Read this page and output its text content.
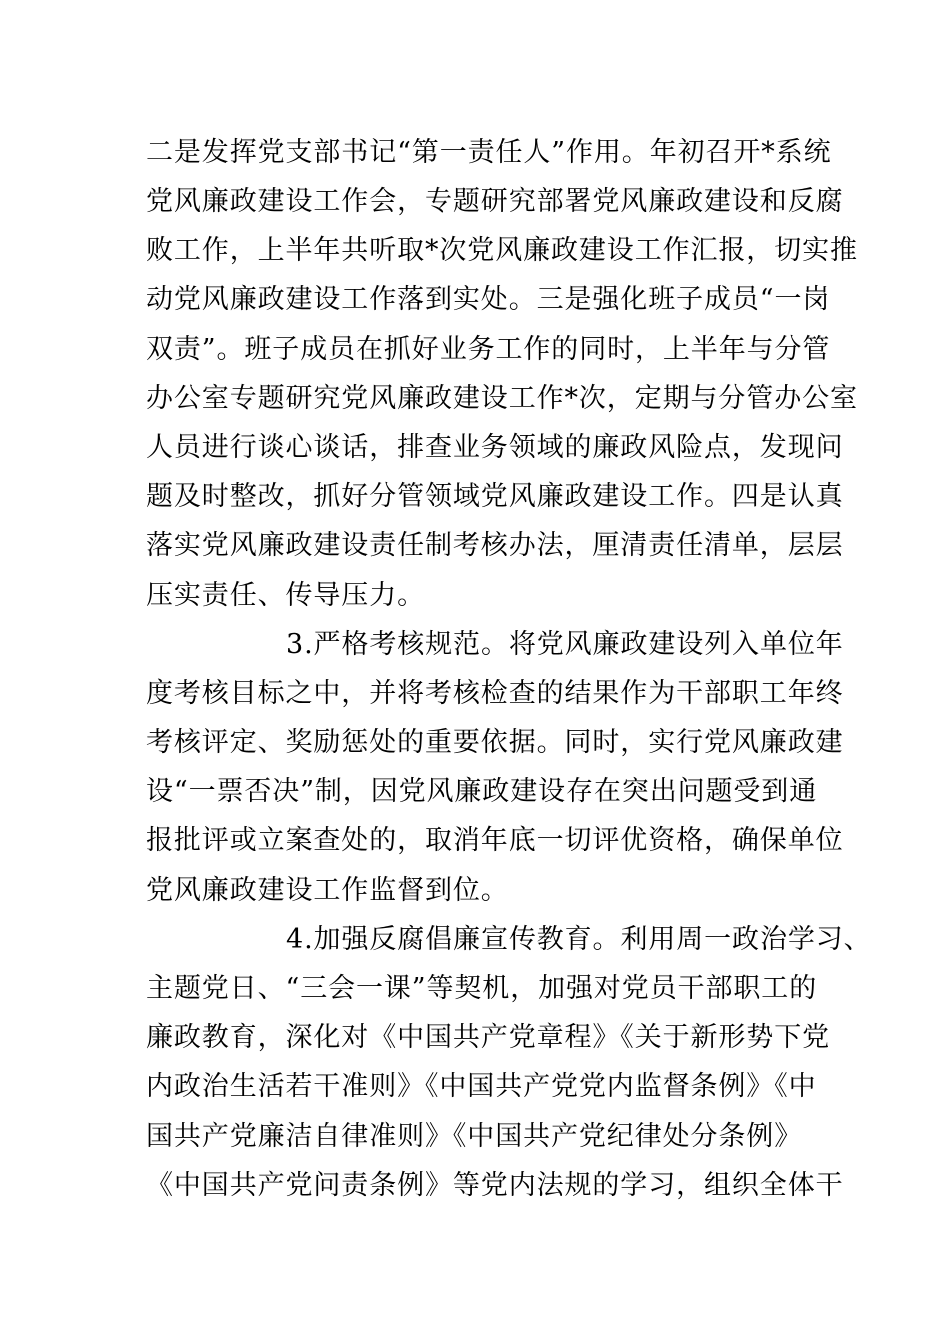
二是发挥党支部书记“第一责任人”作用。年初召开*系统
党风廉政建设工作会，专题研究部署党风廉政建设和反腐
败工作，上半年共听取*次党风廉政建设工作汇报，切实推
动党风廉政建设工作落到实处。三是强化班子成员“一岗
双责”。班子成员在抓好业务工作的同时，上半年与分管
办公室专题研究党风廉政建设工作*次，定期与分管办公室
人员进行谈心谈话，排查业务领域的廉政风险点，发现问
题及时整改，抓好分管领域党风廉政建设工作。四是认真
落实党风廉政建设责任制考核办法，厘清责任清单，层层
压实责任、传导压力。
3.严格考核规范。将党风廉政建设列入单位年
度考核目标之中，并将考核检查的结果作为干部职工年终
考核评定、奖励惩处的重要依据。同时，实行党风廉政建
设“一票否决”制，因党风廉政建设存在突出问题受到通
报批评或立案查处的，取消年底一切评优资格，确保单位
党风廉政建设工作监督到位。
4.加强反腐倡廉宣传教育。利用周一政治学习、
主题党日、“三会一课”等契机，加强对党员干部职工的
廉政教育，深化对《中国共产党章程》《关于新形势下党
内政治生活若干准则》《中国共产党党内监督条例》《中
国共产党廉洁自律准则》《中国共产党纪律处分条例》
《中国共产党问责条例》等党内法规的学习，组织全体干
